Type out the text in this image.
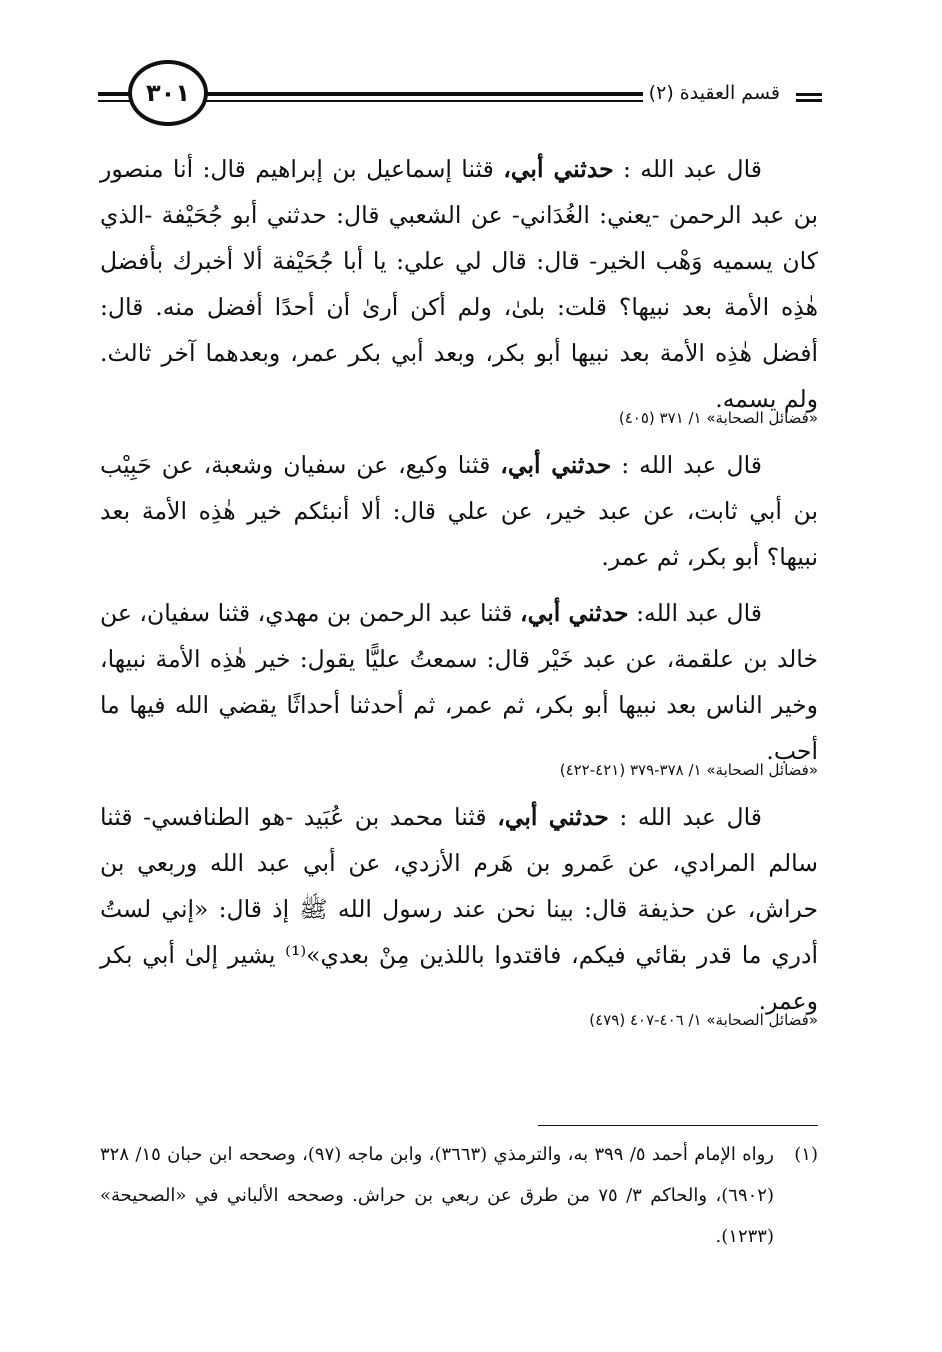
قسم العقيدة (٢)
٣٠١

قال عبد الله : حدثني أبي، قثنا إسماعيل بن إبراهيم قال: أنا منصور بن عبد الرحمن -يعني: الغُدَاني- عن الشعبي قال: حدثني أبو جُحَيْفة -الذي كان يسميه وَهْب الخير- قال: قال لي علي: يا أبا جُحَيْفة ألا أخبرك بأفضل هٰذِه الأمة بعد نبيها؟ قلت: بلىٰ، ولم أكن أرىٰ أن أحدًا أفضل منه. قال: أفضل هٰذِه الأمة بعد نبيها أبو بكر، وبعد أبي بكر عمر، وبعدهما آخر ثالث. ولم يسمه.

«فضائل الصحابة» ١/ ٣٧١ (٤٠٥)

قال عبد الله : حدثني أبي، قثنا وكيع، عن سفيان وشعبة، عن حَبِيْب بن أبي ثابت، عن عبد خير، عن علي قال: ألا أنبئكم خير هٰذِه الأمة بعد نبيها؟ أبو بكر، ثم عمر.

قال عبد الله: حدثني أبي، قثنا عبد الرحمن بن مهدي، قثنا سفيان، عن خالد بن علقمة، عن عبد خَيْر قال: سمعتُ عليًّا يقول: خير هٰذِه الأمة نبيها، وخير الناس بعد نبيها أبو بكر، ثم عمر، ثم أحدثنا أحداثًا يقضي الله فيها ما أحب.

«فضائل الصحابة» ١/ ٣٧٨-٣٧٩ (٤٢١-٤٢٢)

قال عبد الله : حدثني أبي، قثنا محمد بن عُبَيد -هو الطنافسي- قثنا سالم المرادي، عن عَمرو بن هَرم الأزدي، عن أبي عبد الله وربعي بن حراش، عن حذيفة قال: بينا نحن عند رسول الله ﷺ إذ قال: «إني لستُ أدري ما قدر بقائي فيكم، فاقتدوا باللذين مِنْ بعدي»⁽¹⁾ يشير إلىٰ أبي بكر وعمر.

«فضائل الصحابة» ١/ ٤٠٦-٤٠٧ (٤٧٩)

(١)
رواه الإمام أحمد ٥/ ٣٩٩ به، والترمذي (٣٦٦٣)، وابن ماجه (٩٧)، وصححه ابن حبان ١٥/ ٣٢٨ (٦٩٠٢)، والحاكم ٣/ ٧٥ من طرق عن ربعي بن حراش. وصححه الألباني في «الصحيحة» (١٢٣٣).
